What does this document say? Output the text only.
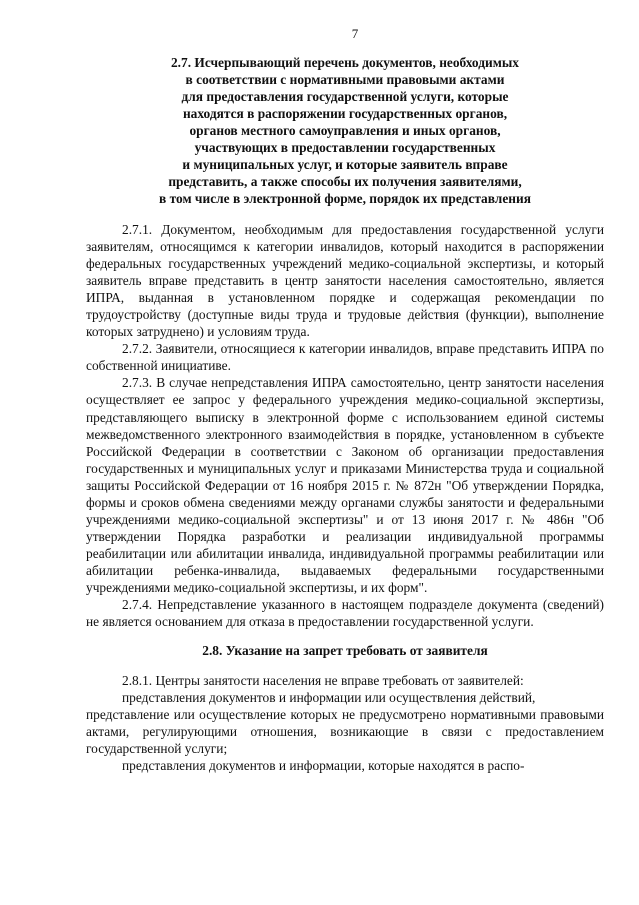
7
2.7. Исчерпывающий перечень документов, необходимых
в соответствии с нормативными правовыми актами
для предоставления государственной услуги, которые
находятся в распоряжении государственных органов,
органов местного самоуправления и иных органов,
участвующих в предоставлении государственных
и муниципальных услуг, и которые заявитель вправе
представить, а также способы их получения заявителями,
в том числе в электронной форме, порядок их представления

2.7.1. Документом, необходимым для предоставления государственной услуги заявителям, относящимся к категории инвалидов, который находится в распоряжении федеральных государственных учреждений медико-социальной экспертизы, и который заявитель вправе представить в центр занятости населения самостоятельно, является ИПРА, выданная в установленном порядке и содержащая рекомендации по трудоустройству (доступные виды труда и трудовые действия (функции), выполнение которых затруднено) и условиям труда.

2.7.2. Заявители, относящиеся к категории инвалидов, вправе представить ИПРА по собственной инициативе.

2.7.3. В случае непредставления ИПРА самостоятельно, центр занятости населения осуществляет ее запрос у федерального учреждения медико-социальной экспертизы, представляющего выписку в электронной форме с использованием единой системы межведомственного электронного взаимодействия в порядке, установленном в субъекте Российской Федерации в соответствии с Законом об организации предоставления государственных и муниципальных услуг и приказами Министерства труда и социальной защиты Российской Федерации от 16 ноября 2015 г. № 872н "Об утверждении Порядка, формы и сроков обмена сведениями между органами службы занятости и федеральными учреждениями медико-социальной экспертизы" и от 13 июня 2017 г. № 486н "Об утверждении Порядка разработки и реализации индивидуальной программы реабилитации или абилитации инвалида, индивидуальной программы реабилитации или абилитации ребенка-инвалида, выдаваемых федеральными государственными учреждениями медико-социальной экспертизы, и их форм".

2.7.4. Непредставление указанного в настоящем подразделе документа (сведений) не является основанием для отказа в предоставлении государственной услуги.

2.8. Указание на запрет требовать от заявителя

2.8.1. Центры занятости населения не вправе требовать от заявителей:

представления документов и информации или осуществления действий,

представление или осуществление которых не предусмотрено нормативными правовыми актами, регулирующими отношения, возникающие в связи с предоставлением государственной услуги;

представления документов и информации, которые находятся в распо-
